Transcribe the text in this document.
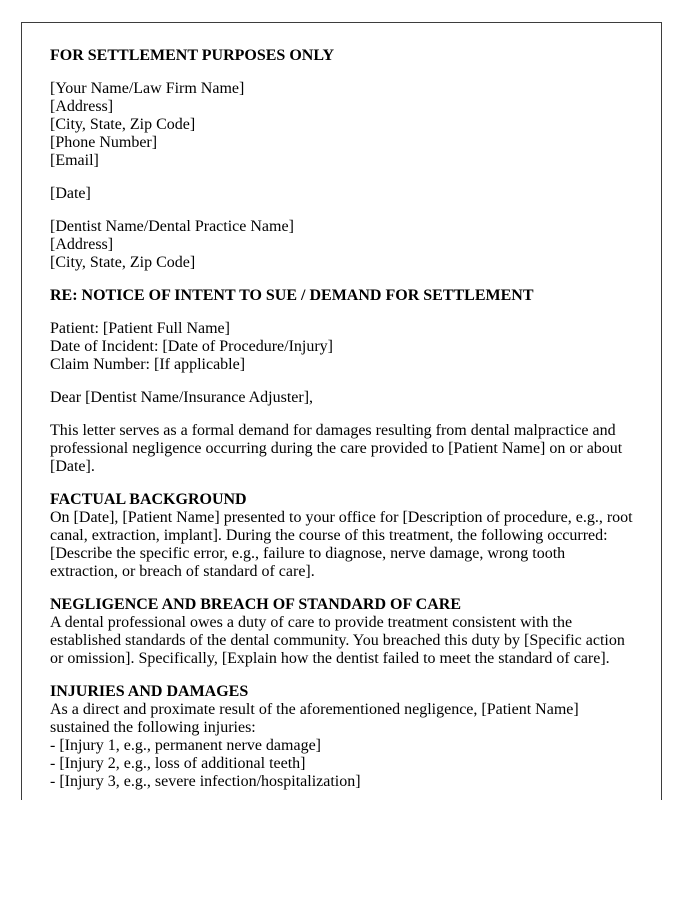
FOR SETTLEMENT PURPOSES ONLY

[Your Name/Law Firm Name]
[Address]
[City, State, Zip Code]
[Phone Number]
[Email]

[Date]

[Dentist Name/Dental Practice Name]
[Address]
[City, State, Zip Code]

RE: NOTICE OF INTENT TO SUE / DEMAND FOR SETTLEMENT

Patient: [Patient Full Name]
Date of Incident: [Date of Procedure/Injury]
Claim Number: [If applicable]

Dear [Dentist Name/Insurance Adjuster],

This letter serves as a formal demand for damages resulting from dental malpractice and professional negligence occurring during the care provided to [Patient Name] on or about [Date].

FACTUAL BACKGROUND
On [Date], [Patient Name] presented to your office for [Description of procedure, e.g., root canal, extraction, implant]. During the course of this treatment, the following occurred: [Describe the specific error, e.g., failure to diagnose, nerve damage, wrong tooth extraction, or breach of standard of care].

NEGLIGENCE AND BREACH OF STANDARD OF CARE
A dental professional owes a duty of care to provide treatment consistent with the established standards of the dental community. You breached this duty by [Specific action or omission]. Specifically, [Explain how the dentist failed to meet the standard of care].

INJURIES AND DAMAGES
As a direct and proximate result of the aforementioned negligence, [Patient Name] sustained the following injuries:
- [Injury 1, e.g., permanent nerve damage]
- [Injury 2, e.g., loss of additional teeth]
- [Injury 3, e.g., severe infection/hospitalization]
